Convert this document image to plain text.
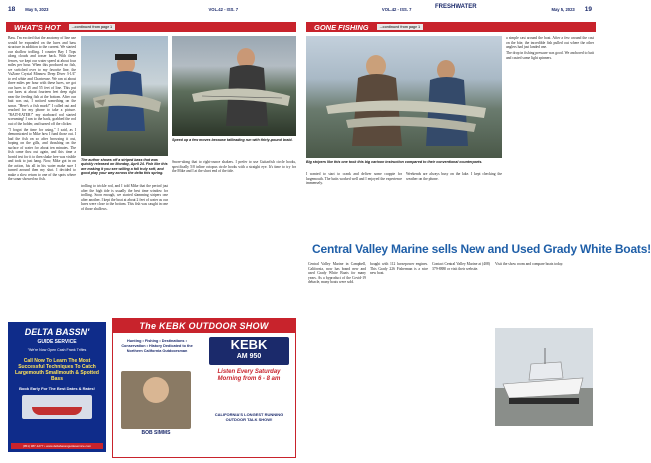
18 May 5, 2023	VOL.42 - ISS. 7
WHAT'S HOT	...continued from page 1

Bass. I'm excited that the anatomy of line use would be expanded on the lures and bass structure in addition to the current. We started our shallow trolling. I counter Bay I Tops along clouds and tosser back. With these fences, we kept our water speed at about four miles per hour. When this produced no fish, we switched over to my favorite line, the VuZone Crystal Minnow Deep Diver 3-1/4" to red white and Chartreuse. We ran at about three miles per hour with these lures, we got our lures to 45 and 55 feet of line. This put our lures at about fourteen feet deep right near the feeding fish at the bottom. After our bait was out, I noticed something on the sonar. "Here's a fish mark!" I called out and reached for my phone to take a picture. "BAIT-EATER!" my starboard rod started screaming! I ran to the back, grabbed the rod out of the holder, and turned off the clicker.

"I forgot the time for using," I said, as I demonstrated to Mike how I fund those out. I had the fish on so after browsing it out, hoping on the gills, and thrashing on the surface of water for about ten minutes. The fish came thru out again, and this time a horrid test for it to then shake free was visible and took to just hang. Now, Mike got in on the action, his all in his water make sure I turned around then my shot. I decided to make a slow return to one of the spots where the sonar showed no fish.

The author shows off a striped bass that was quickly released on Monday, April 24. Fish like this are making it you see willing a fall truly soft, and good play your way across the delta this spring.
Speed up a few moves because tailleading run with thirty-pound braid.

trolling to trickle rod, and I told Mike that the period just after the high tide is usually the best time window for trolling. Soon enough, we started slamming stripers one after another. I kept the boat at about 2 feet of water as our lures were close to the bottom. This fish was caught in one of those shallows.

Snore-along that to right-ounce shakers. I prefer to use Guitarfish circle hooks, specifically 5/0 inline octopus circle hooks with a straight eye. It's time to try for the Mike and I at the short end of the tide.

DELTA BASSN'
GUIDE SERVICE
"We're Now Open Cash Frank Trifles
Call Now To Learn The Most Successful Techniques To Catch Largemouth Smallmouth & Spotted Bass
Book Early For The Best Dates & Rates!
(951) 387-1277 • www.deltabassnguideservice.com
The KEBK OUTDOOR SHOW
Hunting • Fishing • Destinations • Conservation • History Dedicated to the Northern California Outdoorsman
BOB SIMMS
KEBK
AM 950
Listen Every Saturday Morning from 6 - 8 am
CALIFORNIA'S LONGEST RUNNING OUTDOOR TALK SHOW!
FRESHWATER
VOL.42 - ISS. 7	May 5, 2023 19
GONE FISHING	...continued from page 1
Big stripers like this one took this big cartoon instruction compared to their conventional counterparts.

a simple cast around the boat. After a few around the cast on the bite, the incredible fish pulled out where the other anglers had just landed one.

The drop in fishing pressure was good. We anchored to bait and casted some light spinners.

I wanted to start to crank and deliver some crappie for largemouth. The baits worked well and I enjoyed the experience immensely.

Weekends are always busy on the lake. I kept checking the weather on the phone.

Central Valley Marine sells New and Used Grady White Boats!

Central Valley Marine in Campbell, California, now has brand new and used Grady White Boats for many years. As a byproduct of the Covid-19 debacle, many boats were sold.

bought with 112 horsepower engines. This Grady 226 Fisherman is a nice new boat.

Contact Central Valley Marine at (408) 379-8880 or visit their website.

Visit the show room and compare boats today.
